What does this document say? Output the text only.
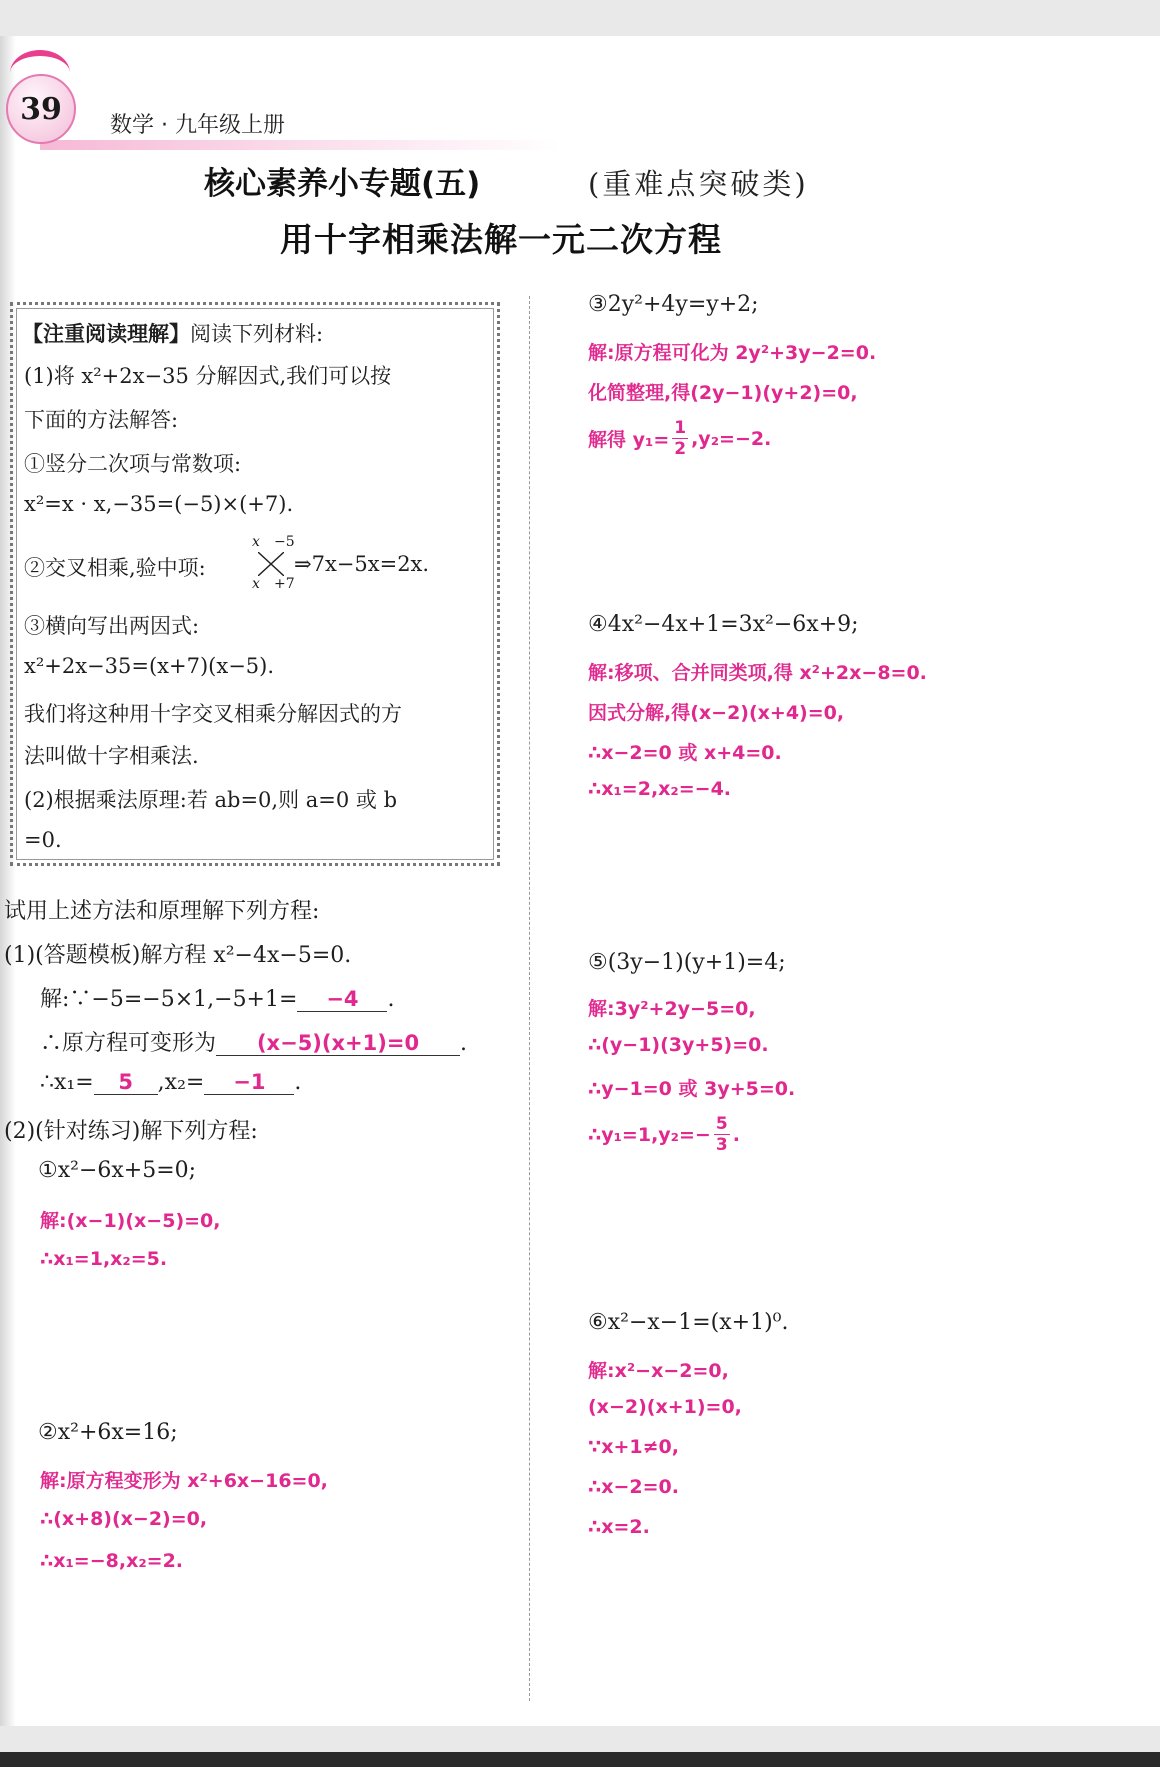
39 数学 · 九年级上册
核心素养小专题(五)	(重难点突破类)
用十字相乘法解一元二次方程
【注重阅读理解】阅读下列材料:
(1)将 x²+2x−35 分解因式,我们可以按
下面的方法解答:
①竖分二次项与常数项:
x²=x · x,−35=(−5)×(+7).
②交叉相乘,验中项:
x −5
x +7
⇒7x−5x=2x.
③横向写出两因式:
x²+2x−35=(x+7)(x−5).
我们将这种用十字交叉相乘分解因式的方
法叫做十字相乘法.
(2)根据乘法原理:若 ab=0,则 a=0 或 b
=0.
试用上述方法和原理解下列方程:
(1)(答题模板)解方程 x²−4x−5=0.
解:∵−5=−5×1,−5+1= −4 .
∴原方程可变形为 (x−5)(x+1)=0 .
∴x₁= 5 ,x₂= −1 .
(2)(针对练习)解下列方程:
①x²−6x+5=0;
解:(x−1)(x−5)=0,
∴x₁=1,x₂=5.
②x²+6x=16;
解:原方程变形为 x²+6x−16=0,
∴(x+8)(x−2)=0,
∴x₁=−8,x₂=2.
③2y²+4y=y+2;
解:原方程可化为 2y²+3y−2=0.
化简整理,得(2y−1)(y+2)=0,
解得 $y_1= \frac{1}{2} ,y_2=-2$.
④4x²−4x+1=3x²−6x+9;
解:移项、合并同类项,得 x²+2x−8=0.
因式分解,得(x−2)(x+4)=0,
∴x−2=0 或 x+4=0.
∴x₁=2,x₂=−4.
⑤(3y−1)(y+1)=4;
解:3y²+2y−5=0,
∴(y−1)(3y+5)=0.
∴y−1=0 或 3y+5=0.
∴y₁=1,y₂=− $\frac{5}{3}$ .
⑥x²−x−1=(x+1)⁰.
解:x²−x−2=0,
(x−2)(x+1)=0,
∵x+1≠0,
∴x−2=0.
∴x=2.
